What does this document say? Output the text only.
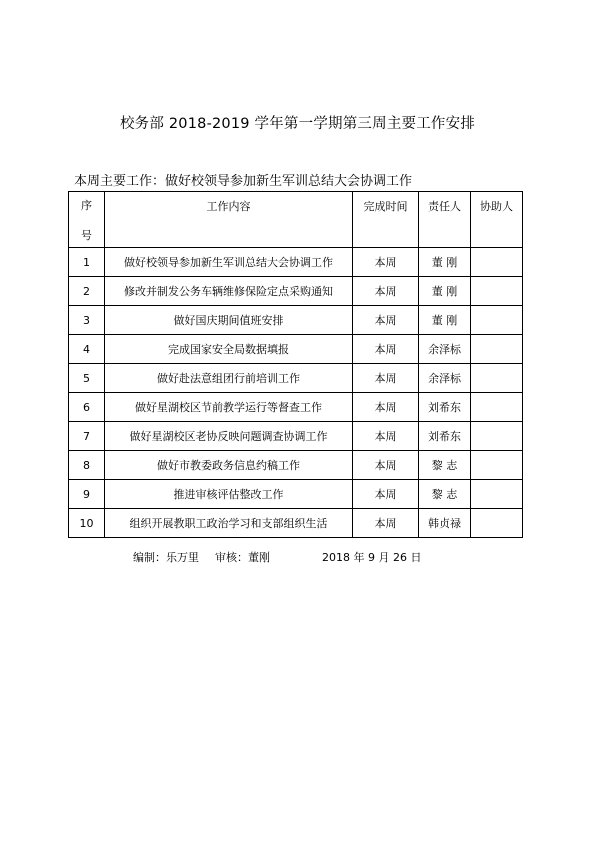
校务部 2018-2019 学年第一学期第三周主要工作安排
本周主要工作：做好校领导参加新生军训总结大会协调工作
序
号	工作内容	完成时间	责任人	协助人

1	做好校领导参加新生军训总结大会协调工作	本周	董 刚	
2	修改并制发公务车辆维修保险定点采购通知	本周	董 刚	
3	做好国庆期间值班安排	本周	董 刚	
4	完成国家安全局数据填报	本周	余泽标	
5	做好赴法意组团行前培训工作	本周	余泽标	
6	做好星湖校区节前教学运行等督查工作	本周	刘希东	
7	做好星湖校区老协反映问题调查协调工作	本周	刘希东	
8	做好市教委政务信息约稿工作	本周	黎 志	
9	推进审核评估整改工作	本周	黎 志	
10	组织开展教职工政治学习和支部组织生活	本周	韩贞禄	
编制：乐万里 审核：董刚	2018 年 9 月 26 日
